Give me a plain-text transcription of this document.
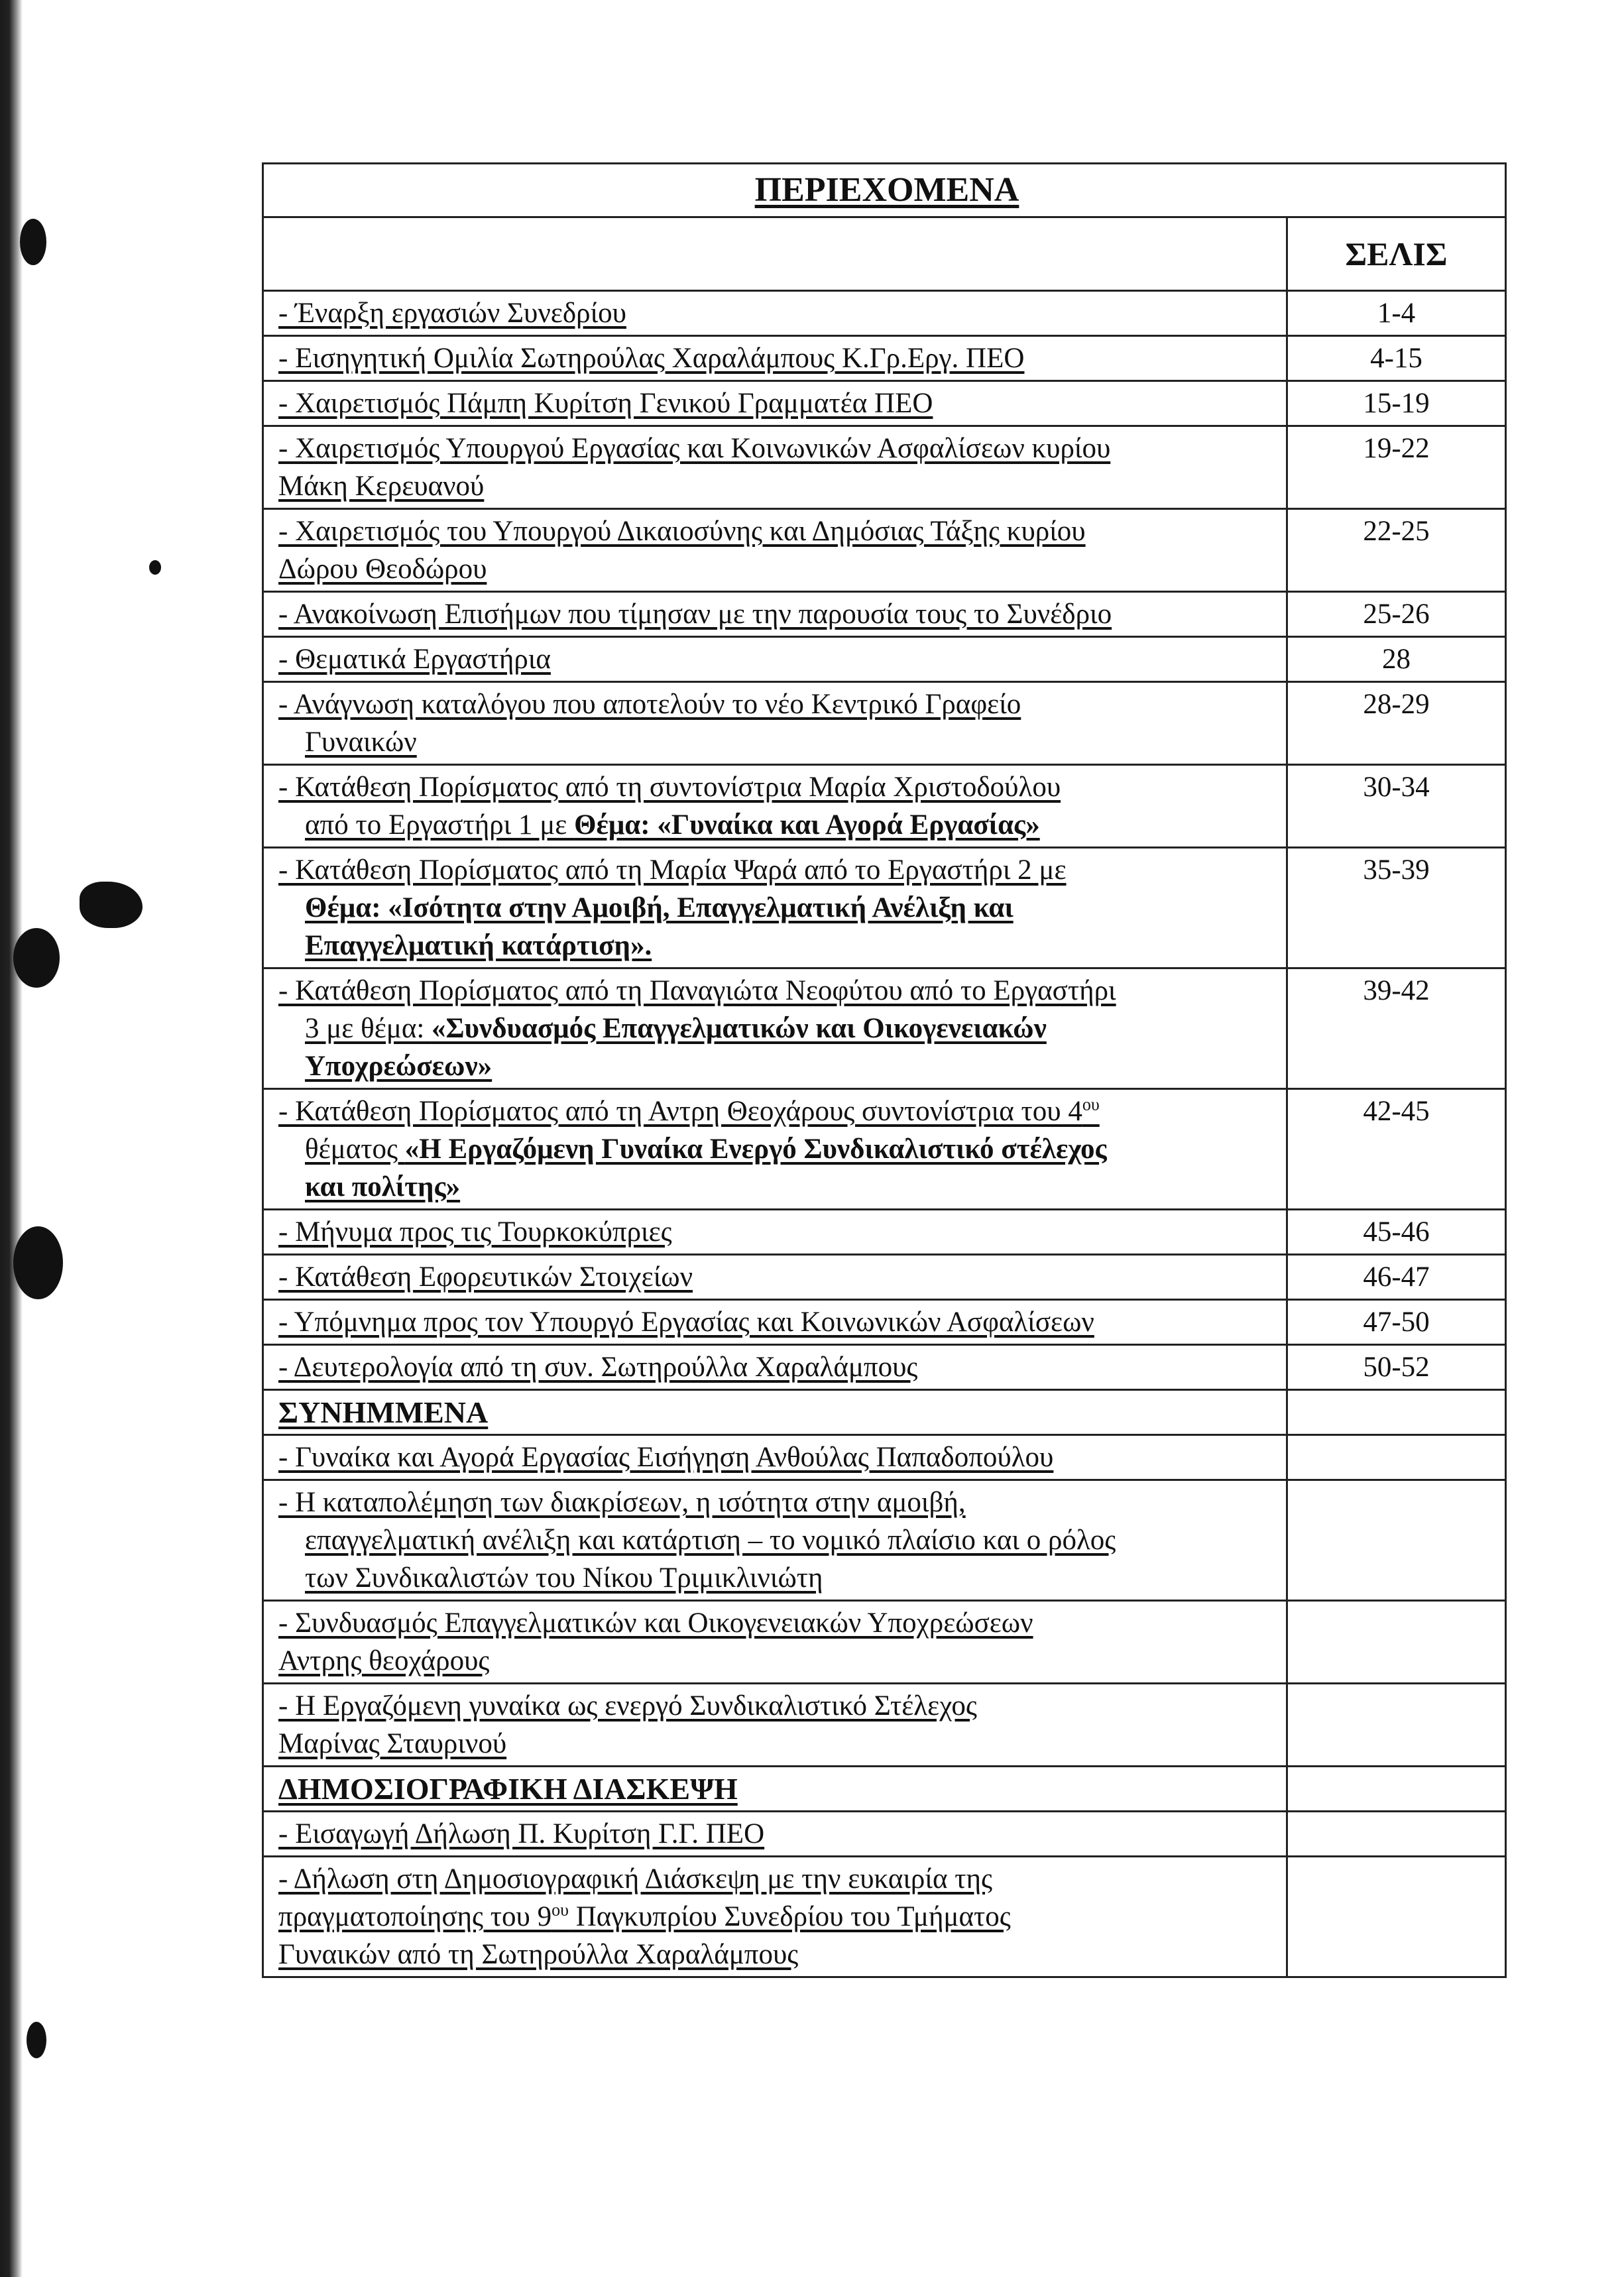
ΠΕΡΙΕΧΟΜΕΝΑ	
	ΣΕΛΙΣ
- Έναρξη εργασιών Συνεδρίου	1-4
- Εισηγητική Ομιλία Σωτηρούλας Χαραλάμπους Κ.Γρ.Εργ. ΠΕΟ	4-15
- Χαιρετισμός Πάμπη Κυρίτση Γενικού Γραμματέα ΠΕΟ	15-19
- Χαιρετισμός Υπουργού Εργασίας και Κοινωνικών Ασφαλίσεων κυρίου
Μάκη Κερευανού	19-22
- Χαιρετισμός του Υπουργού Δικαιοσύνης και Δημόσιας Τάξης κυρίου
Δώρου Θεοδώρου	22-25
- Ανακοίνωση Επισήμων που τίμησαν με την παρουσία τους το Συνέδριο	25-26
- Θεματικά Εργαστήρια	28
- Ανάγνωση καταλόγου που αποτελούν το νέο Κεντρικό Γραφείο
Γυναικών	28-29
- Κατάθεση Πορίσματος από τη συντονίστρια Μαρία Χριστοδούλου
από το Εργαστήρι 1 με Θέμα: «Γυναίκα και Αγορά Εργασίας»	30-34
- Κατάθεση Πορίσματος από τη Μαρία Ψαρά από το Εργαστήρι 2 με
Θέμα: «Ισότητα στην Αμοιβή, Επαγγελματική Ανέλιξη και
Επαγγελματική κατάρτιση».	35-39
- Κατάθεση Πορίσματος από τη Παναγιώτα Νεοφύτου από το Εργαστήρι
3 με θέμα: «Συνδυασμός Επαγγελματικών και Οικογενειακών
Υποχρεώσεων»	39-42
- Κατάθεση Πορίσματος από τη Αντρη Θεοχάρους συντονίστρια του $4^{o\upsilon}$
θέματος «Η Εργαζόμενη Γυναίκα Ενεργό Συνδικαλιστικό στέλεχος
και πολίτης»	42-45
- Μήνυμα προς τις Τουρκοκύπριες	45-46
- Κατάθεση Εφορευτικών Στοιχείων	46-47
- Υπόμνημα προς τον Υπουργό Εργασίας και Κοινωνικών Ασφαλίσεων	47-50
- Δευτερολογία από τη συν. Σωτηρούλλα Χαραλάμπους	50-52
ΣΥΝΗΜΜΕΝΑ	
- Γυναίκα και Αγορά Εργασίας Εισήγηση Ανθούλας Παπαδοπούλου	
- Η καταπολέμηση των διακρίσεων, η ισότητα στην αμοιβή,
επαγγελματική ανέλιξη και κατάρτιση – το νομικό πλαίσιο και ο ρόλος
των Συνδικαλιστών του Νίκου Τριμικλινιώτη	

- Συνδυασμός Επαγγελματικών και Οικογενειακών Υποχρεώσεων
Αντρης θεοχάρους	
- Η Εργαζόμενη γυναίκα ως ενεργό Συνδικαλιστικό Στέλεχος
Μαρίνας Σταυρινού	
ΔΗΜΟΣΙΟΓΡΑΦΙΚΗ ΔΙΑΣΚΕΨΗ	
- Εισαγωγή Δήλωση Π. Κυρίτση Γ.Γ. ΠΕΟ	
- Δήλωση στη Δημοσιογραφική Διάσκεψη με την ευκαιρία της
πραγματοποίησης του $9^{o\upsilon}$ Παγκυπρίου Συνεδρίου του Τμήματος
Γυναικών από τη Σωτηρούλλα Χαραλάμπους	
